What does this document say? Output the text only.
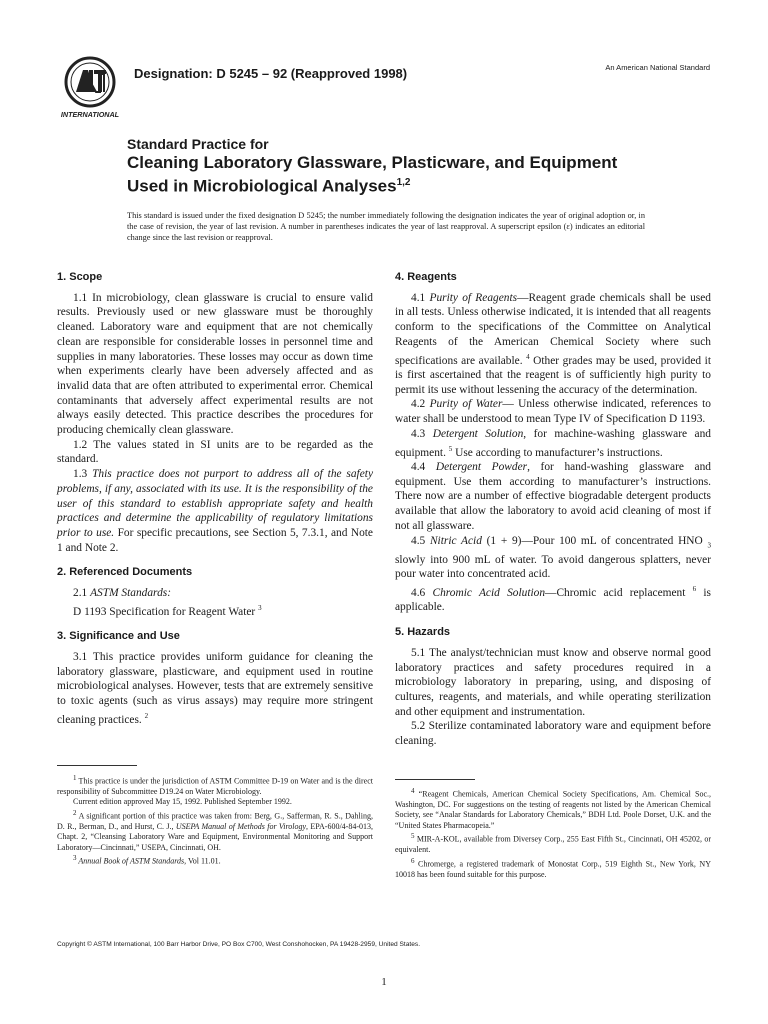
INTERNATIONAL
Designation: D 5245 – 92 (Reapproved 1998)	An American National Standard
Standard Practice for
Cleaning Laboratory Glassware, Plasticware, and Equipment
Used in Microbiological Analyses$^{1,2}$
This standard is issued under the fixed designation D 5245; the number immediately following the designation indicates the year of original adoption or, in the case of revision, the year of last revision. A number in parentheses indicates the year of last reapproval. A superscript epsilon (ε) indicates an editorial change since the last revision or reapproval.
1. Scope

1.1 In microbiology, clean glassware is crucial to ensure valid results. Previously used or new glassware must be thoroughly cleaned. Laboratory ware and equipment that are not chemically clean are responsible for considerable losses in personnel time and supplies in many laboratories. These losses may occur as down time when experiments clearly have been adversely affected and as invalid data that are often attributed to experimental error. Chemical contaminants that adversely affect experimental results are not always easily detected. This practice describes the procedures for producing chemically clean glassware.

1.2 The values stated in SI units are to be regarded as the standard.

1.3 This practice does not purport to address all of the safety problems, if any, associated with its use. It is the responsibility of the user of this standard to establish appropriate safety and health practices and determine the applicability of regulatory limitations prior to use. For specific precautions, see Section 5, 7.3.1, and Note 1 and Note 2.

2. Referenced Documents

2.1 ASTM Standards:

D 1193 Specification for Reagent Water $^3$

3. Significance and Use

3.1 This practice provides uniform guidance for cleaning the laboratory glassware, plasticware, and equipment used in routine microbiological analyses. However, tests that are extremely sensitive to toxic agents (such as virus assays) may require more stringent cleaning practices. $^2$

4. Reagents

4.1 Purity of Reagents—Reagent grade chemicals shall be used in all tests. Unless otherwise indicated, it is intended that all reagents conform to the specifications of the Committee on Analytical Reagents of the American Chemical Society where such specifications are available. $^4$ Other grades may be used, provided it is first ascertained that the reagent is of sufficiently high purity to permit its use without lessening the accuracy of the determination.

4.2 Purity of Water— Unless otherwise indicated, references to water shall be understood to mean Type IV of Specification D 1193.

4.3 Detergent Solution, for machine-washing glassware and equipment. $^5$ Use according to manufacturer’s instructions.

4.4 Detergent Powder, for hand-washing glassware and equipment. Use them according to manufacturer’s instructions. There now are a number of effective biogradable detergent products available that allow the laboratory to avoid acid cleaning of most if not all glassware.

4.5 Nitric Acid (1 + 9)—Pour 100 mL of concentrated HNO $_3$ slowly into 900 mL of water. To avoid dangerous splatters, never pour water into concentrated acid.

4.6 Chromic Acid Solution—Chromic acid replacement $^6$ is applicable.

5. Hazards

5.1 The analyst/technician must know and observe normal good laboratory practices and safety procedures required in a microbiology laboratory in preparing, using, and disposing of cultures, reagents, and materials, and while operating sterilization and other equipment and instrumentation.

5.2 Sterilize contaminated laboratory ware and equipment before cleaning.

$^1$ This practice is under the jurisdiction of ASTM Committee D-19 on Water and is the direct responsibility of Subcommittee D19.24 on Water Microbiology.

Current edition approved May 15, 1992. Published September 1992.

$^2$ A significant portion of this practice was taken from: Berg, G., Safferman, R. S., Dahling, D. R., Berman, D., and Hurst, C. J., USEPA Manual of Methods for Virology, EPA-600/4-84-013, Chapt. 2, “Cleansing Laboratory Ware and Equipment, Environmental Monitoring and Support Laboratory—Cincinnati,” USEPA, Cincinnati, OH.

$^3$ Annual Book of ASTM Standards, Vol 11.01.

$^4$ “Reagent Chemicals, American Chemical Society Specifications, Am. Chemical Soc., Washington, DC. For suggestions on the testing of reagents not listed by the American Chemical Society, see “Analar Standards for Laboratory Chemicals,” BDH Ltd. Poole Dorset, U.K. and the “United States Pharmacopeia.”

$^5$ MIR-A-KOL, available from Diversey Corp., 255 East Fifth St., Cincinnati, OH 45202, or equivalent.

$^6$ Chromerge, a registered trademark of Monostat Corp., 519 Eighth St., New York, NY 10018 has been found suitable for this purpose.

Copyright © ASTM International, 100 Barr Harbor Drive, PO Box C700, West Conshohocken, PA 19428-2959, United States.
1
